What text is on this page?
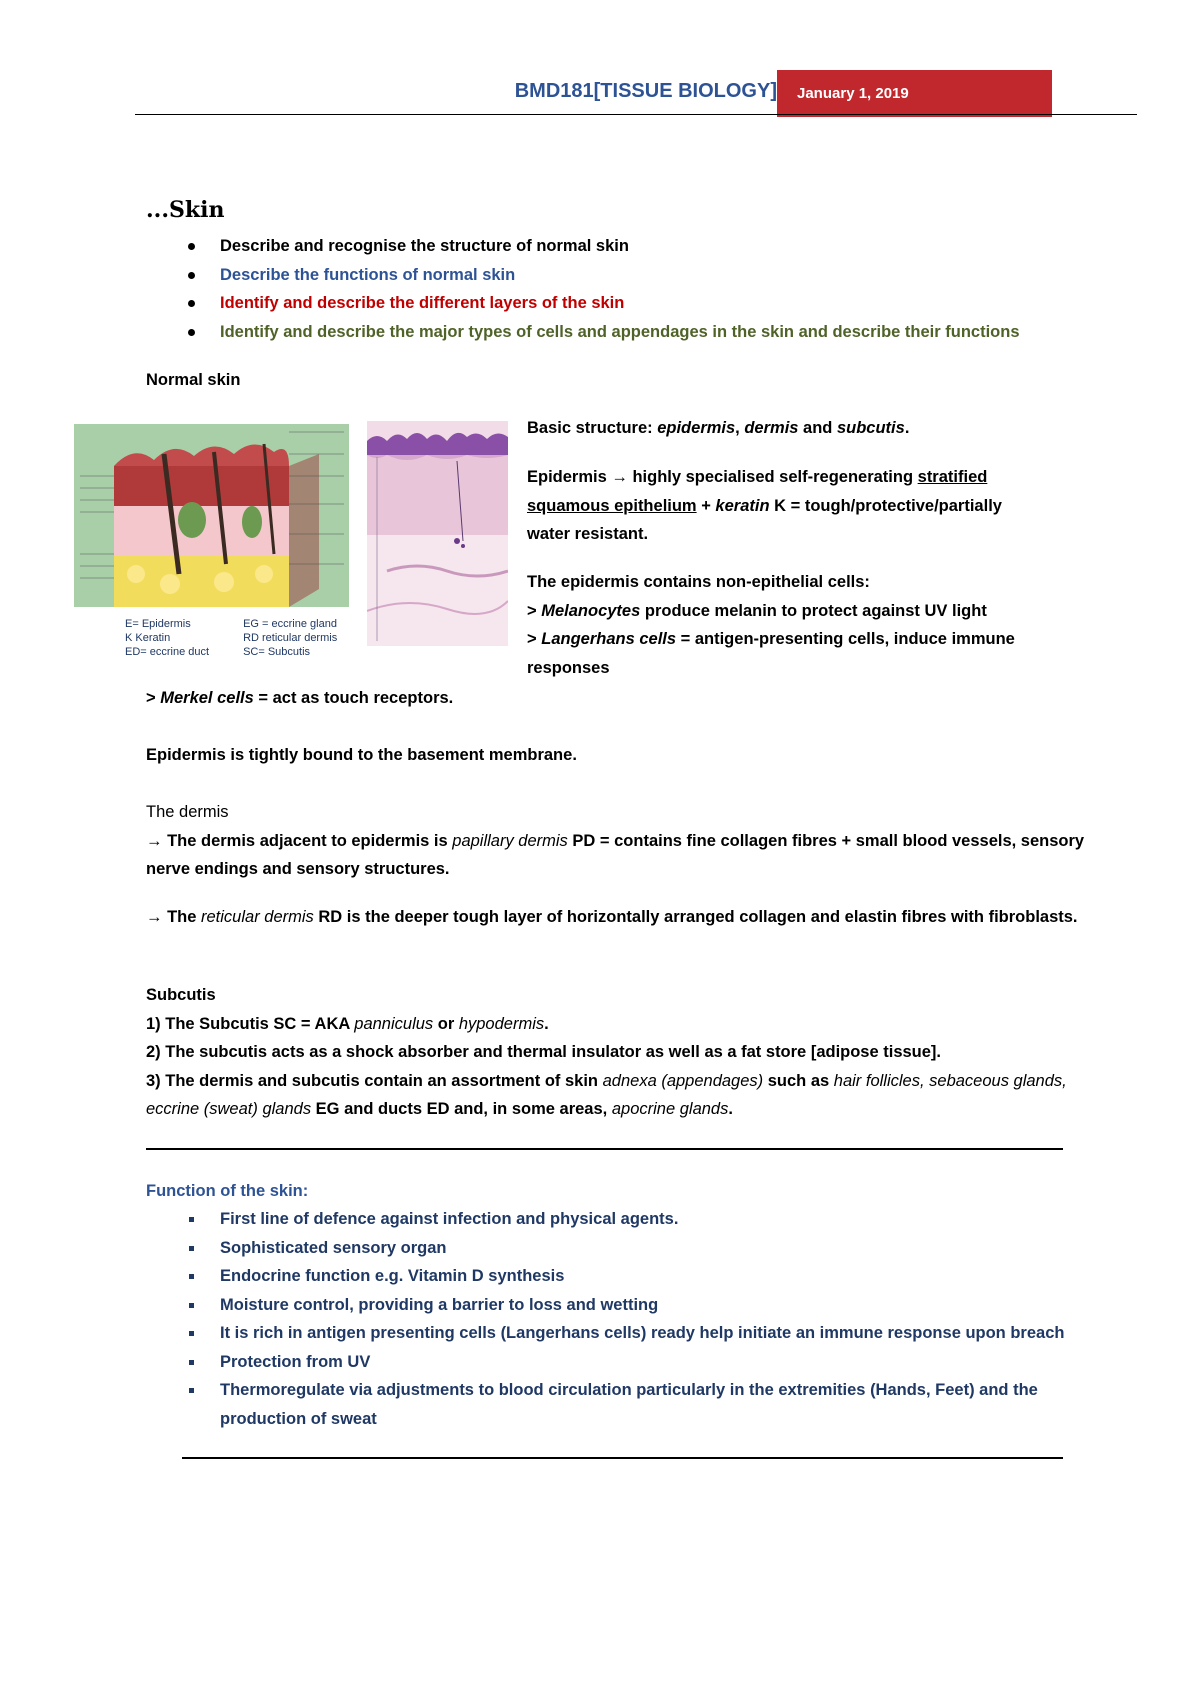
BMD181[TISSUE BIOLOGY] January 1, 2019
...Skin
Describe and recognise the structure of normal skin
Describe the functions of normal skin
Identify and describe the different layers of the skin
Identify and describe the major types of cells and appendages in the skin and describe their functions
Normal skin
E= Epidermis
K Keratin
ED= eccrine duct
EG = eccrine gland
RD reticular dermis
SC= Subcutis
Basic structure: epidermis, dermis and subcutis.
Epidermis → highly specialised self-regenerating stratified squamous epithelium + keratin K = tough/protective/partially water resistant.
The epidermis contains non-epithelial cells:
> Melanocytes produce melanin to protect against UV light
> Langerhans cells = antigen-presenting cells, induce immune responses
> Merkel cells = act as touch receptors.
Epidermis is tightly bound to the basement membrane.
The dermis
→ The dermis adjacent to epidermis is papillary dermis PD = contains fine collagen fibres + small blood vessels, sensory nerve endings and sensory structures.
→ The reticular dermis RD is the deeper tough layer of horizontally arranged collagen and elastin fibres with fibroblasts.
Subcutis
1) The Subcutis SC = AKA panniculus or hypodermis.
2) The subcutis acts as a shock absorber and thermal insulator as well as a fat store [adipose tissue].
3) The dermis and subcutis contain an assortment of skin adnexa (appendages) such as hair follicles, sebaceous glands, eccrine (sweat) glands EG and ducts ED and, in some areas, apocrine glands.
Function of the skin:
First line of defence against infection and physical agents.
Sophisticated sensory organ
Endocrine function e.g. Vitamin D synthesis
Moisture control, providing a barrier to loss and wetting
It is rich in antigen presenting cells (Langerhans cells) ready help initiate an immune response upon breach
Protection from UV
Thermoregulate via adjustments to blood circulation particularly in the extremities (Hands, Feet) and the production of sweat
